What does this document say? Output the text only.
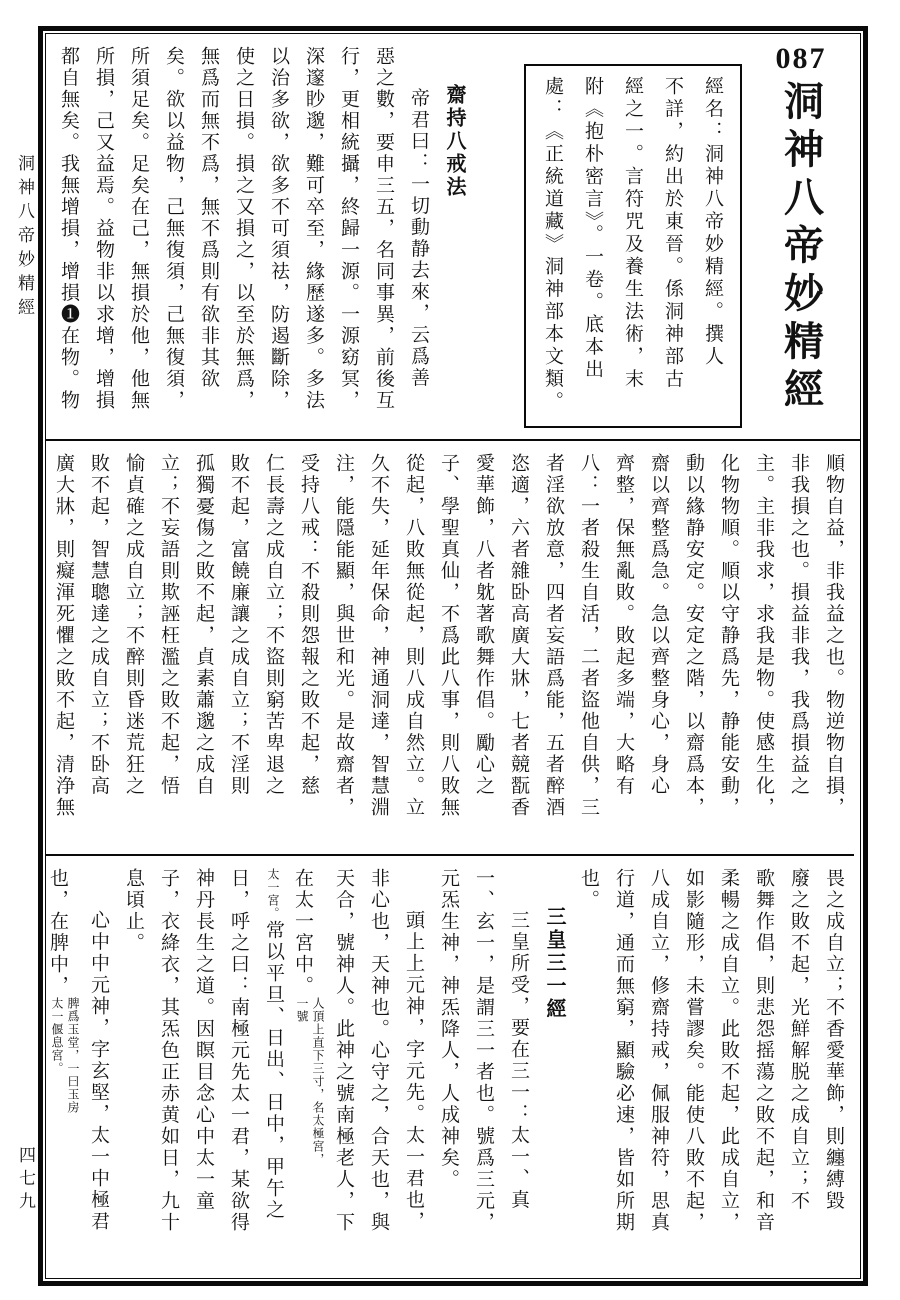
洞神八帝妙精經
四七九
087
洞神八帝妙精經
經名：洞神八帝妙精經。撰人
不詳，約出於東晉。係洞神部古
經之一。言符咒及養生法術，末
附《抱朴密言》。一卷。底本出
處：《正統道藏》洞神部本文類。
齋持八戒法
帝君曰：一切動静去來，云爲善
惡之數，要申三五，名同事異，前後互
行，更相統攝，終歸一源。一源窈冥，
深邃眇邈，難可卒至，緣歷遂多。多法
以治多欲，欲多不可須祛，防遏斷除，
使之日損。損之又損之，以至於無爲，
無爲而無不爲，無不爲則有欲非其欲
矣。欲以益物，己無復須，己無復須，
所須足矣。足矣在己，無損於他，他無
所損，己又益焉。益物非以求增，增損
都自無矣。我無增損，增損❶在物。物
順物自益，非我益之也。物逆物自損，
非我損之也。損益非我，我爲損益之
主。主非我求，求我是物。使感生化，
化物物順。順以守静爲先，静能安動，
動以緣静安定。安定之階，以齋爲本，
齋以齊整爲急。急以齊整身心，身心
齊整，保無亂敗。敗起多端，大略有
八：一者殺生自活，二者盜他自供，三
者淫欲放意，四者妄語爲能，五者醉酒
恣適，六者雜卧高廣大牀，七者競翫香
愛華飾，八者躭著歌舞作倡。勵心之
子、學聖真仙，不爲此八事，則八敗無
從起，八敗無從起，則八成自然立。立
久不失，延年保命，神通洞達，智慧淵
注，能隱能顯，與世和光。是故齋者，
受持八戒：不殺則怨報之敗不起，慈
仁長壽之成自立；不盜則窮苦卑退之
敗不起，富饒廉讓之成自立；不淫則
孤獨憂傷之敗不起，貞素蕭邈之成自
立；不妄語則欺誣枉濫之敗不起，悟
愉貞確之成自立；不醉則昏迷荒狂之
敗不起，智慧聰達之成自立；不卧高
廣大牀，則癡渾死懼之敗不起，清浄無
畏之成自立；不香愛華飾，則纏縛毀
廢之敗不起，光鮮解脱之成自立；不
歌舞作倡，則悲怨摇蕩之敗不起，和音
柔暢之成自立。此敗不起，此成自立，
如影隨形，未嘗謬矣。能使八敗不起，
八成自立，修齋持戒，佩服神符，思真
行道，通而無窮，顯驗必速，皆如所期
也。
三皇三一經
三皇所受，要在三一：太一、真
一、玄一，是謂三一者也。號爲三元，
元炁生神，神炁降人，人成神矣。
頭上上元神，字元先。太一君也，
非心也，天神也。心守之，合天也，與
天合，號神人。此神之號南極老人，下
在太一宮中。
人頂上直下三寸，名太極宮，
一號
太一宮。
常以平旦、日出、日中，甲午之
日，呼之曰：南極元先太一君，某欲得
神丹長生之道。因瞑目念心中太一童
子，衣絳衣，其炁色正赤黄如日，九十
息頃止。
心中中元神，字玄堅，太一中極君
也，在脾中，
脾爲玉堂，一曰玉房
太一偃息宮。
